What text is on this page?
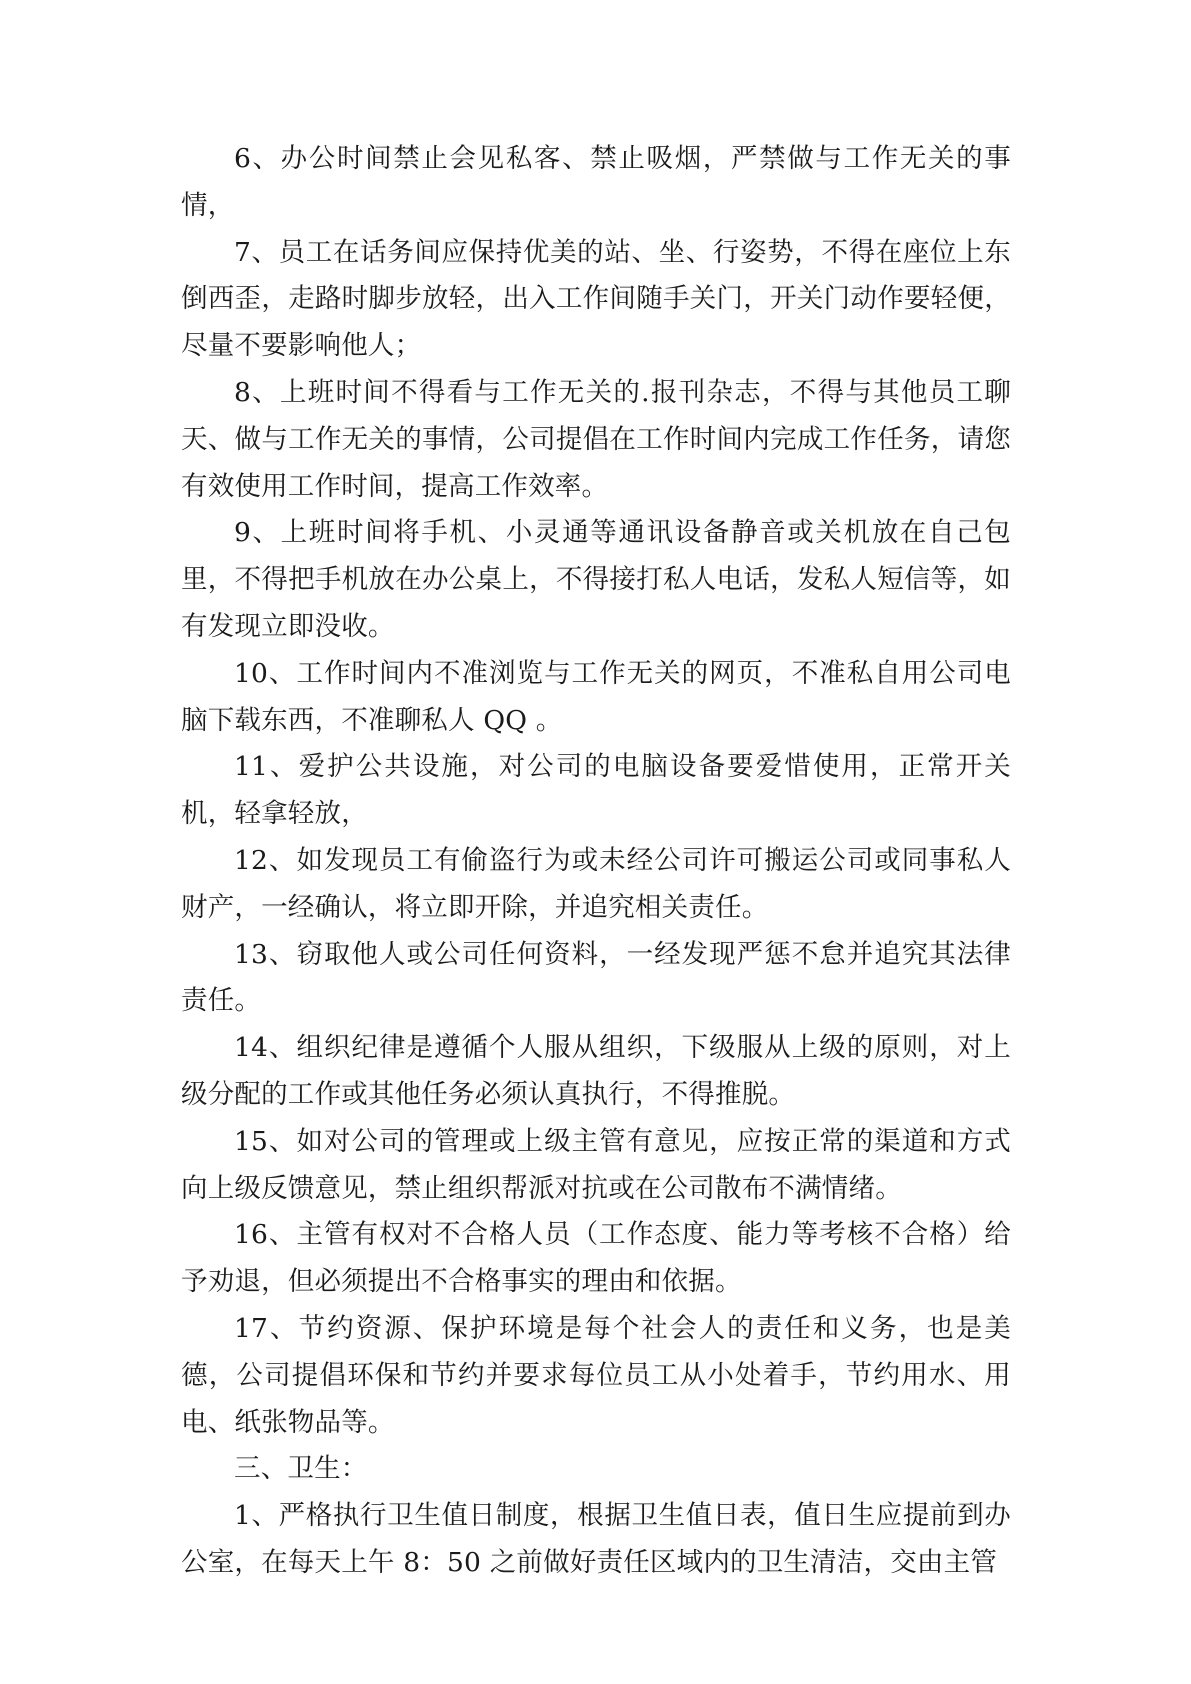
6、办公时间禁止会见私客、禁止吸烟，严禁做与工作无关的事情，

7、员工在话务间应保持优美的站、坐、行姿势，不得在座位上东倒西歪，走路时脚步放轻，出入工作间随手关门，开关门动作要轻便，尽量不要影响他人；

8、上班时间不得看与工作无关的.报刊杂志，不得与其他员工聊天、做与工作无关的事情，公司提倡在工作时间内完成工作任务，请您有效使用工作时间，提高工作效率。

9、上班时间将手机、小灵通等通讯设备静音或关机放在自己包里，不得把手机放在办公桌上，不得接打私人电话，发私人短信等，如有发现立即没收。

10、工作时间内不准浏览与工作无关的网页，不准私自用公司电脑下载东西，不准聊私人 QQ 。

11、爱护公共设施，对公司的电脑设备要爱惜使用，正常开关机，轻拿轻放，

12、如发现员工有偷盗行为或未经公司许可搬运公司或同事私人财产，一经确认，将立即开除，并追究相关责任。

13、窃取他人或公司任何资料，一经发现严惩不怠并追究其法律责任。

14、组织纪律是遵循个人服从组织，下级服从上级的原则，对上级分配的工作或其他任务必须认真执行，不得推脱。

15、如对公司的管理或上级主管有意见，应按正常的渠道和方式向上级反馈意见，禁止组织帮派对抗或在公司散布不满情绪。

16、主管有权对不合格人员（工作态度、能力等考核不合格）给予劝退，但必须提出不合格事实的理由和依据。

17、节约资源、保护环境是每个社会人的责任和义务，也是美德，公司提倡环保和节约并要求每位员工从小处着手，节约用水、用电、纸张物品等。

三、卫生：

1、严格执行卫生值日制度，根据卫生值日表，值日生应提前到办公室，在每天上午 8：50 之前做好责任区域内的卫生清洁，交由主管
